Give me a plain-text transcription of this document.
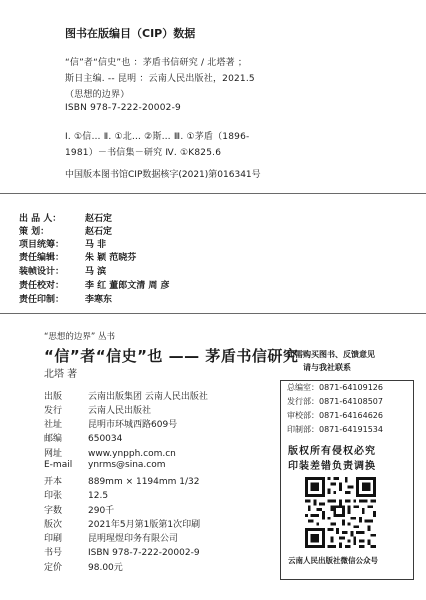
图书在版编目（CIP）数据
“信”者“信史”也 ：茅盾书信研究 / 北塔著 ；
斯日主编. -- 昆明 ：云南人民出版社，2021.5
（思想的边界）
ISBN 978-7-222-20002-9
Ⅰ. ①信… Ⅱ. ①北… ②斯… Ⅲ. ①茅盾（1896-
1981）－书信集－研究 Ⅳ. ①K825.6
中国版本图书馆CIP数据核字(2021)第016341号
出 品 人：	赵石定
策 划：	赵石定
项目统筹： 马 非
责任编辑： 朱 颖 范晓芬
装帧设计： 马 滨
责任校对： 李 红 董郎文清 周 彦
责任印制： 李寒东
“思想的边界” 丛书
“信”者“信史”也 —— 茅盾书信研究
北塔 著
出版	云南出版集团 云南人民出版社
发行	云南人民出版社
社址	昆明市环城西路609号
邮编	650034
网址	www.ynpph.com.cn
E-mail ynrms@sina.com
开本	889mm × 1194mm 1/32
印张	12.5
字数	290千
版次	2021年5月第1版第1次印刷
印刷	昆明瑆煜印务有限公司
书号	ISBN 978-7-222-20002-9
定价	98.00元
如需购买图书、反馈意见
请与我社联系
总编室：0871-64109126
发行部：0871-64108507
审校部：0871-64164626
印制部：0871-64191534
版权所有侵权必究
印装差错负责调换
云南人民出版社微信公众号
